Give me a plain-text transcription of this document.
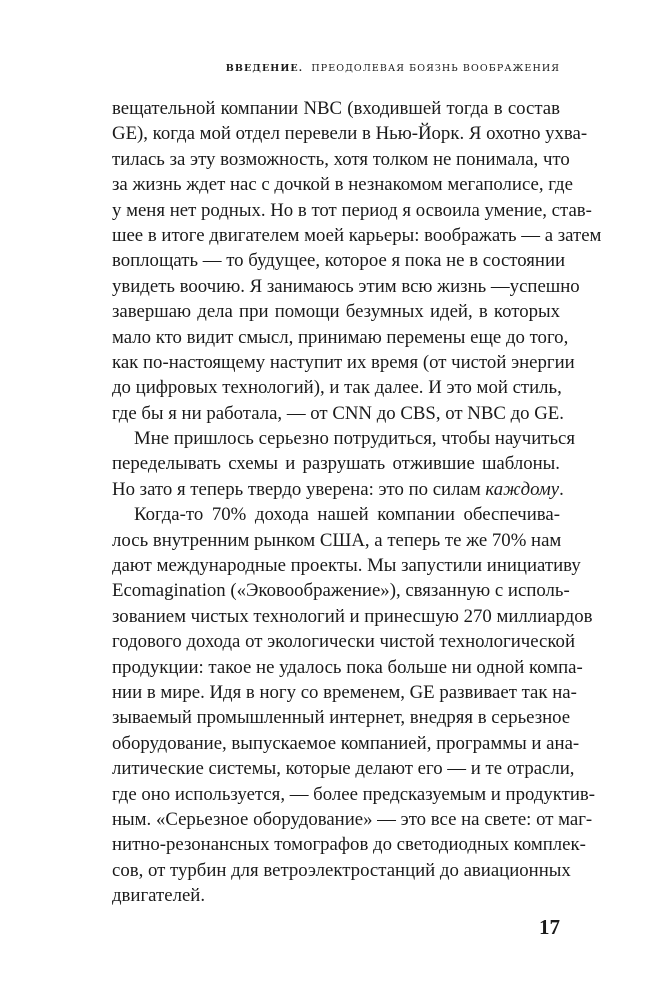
ВВЕДЕНИЕ. ПРЕОДОЛЕВАЯ БОЯЗНЬ ВООБРАЖЕНИЯ
вещательной компании NBC (входившей тогда в состав
GE), когда мой отдел перевели в Нью-Йорк. Я охотно ухва-
тилась за эту возможность, хотя толком не понимала, что
за жизнь ждет нас с дочкой в незнакомом мегаполисе, где
у меня нет родных. Но в тот период я освоила умение, став-
шее в итоге двигателем моей карьеры: воображать — а затем
воплощать — то будущее, которое я пока не в состоянии
увидеть воочию. Я занимаюсь этим всю жизнь —успешно
завершаю дела при помощи безумных идей, в которых
мало кто видит смысл, принимаю перемены еще до того,
как по-настоящему наступит их время (от чистой энергии
до цифровых технологий), и так далее. И это мой стиль,
где бы я ни работала, — от CNN до CBS, от NBC до GE.
Мне пришлось серьезно потрудиться, чтобы научиться
переделывать схемы и разрушать отжившие шаблоны.
Но зато я теперь твердо уверена: это по силам каждому.
Когда-то 70% дохода нашей компании обеспечива-
лось внутренним рынком США, а теперь те же 70% нам
дают международные проекты. Мы запустили инициативу
Ecomagination («Эковоображение»), связанную с исполь-
зованием чистых технологий и принесшую 270 миллиардов
годового дохода от экологически чистой технологической
продукции: такое не удалось пока больше ни одной компа-
нии в мире. Идя в ногу со временем, GE развивает так на-
зываемый промышленный интернет, внедряя в серьезное
оборудование, выпускаемое компанией, программы и ана-
литические системы, которые делают его — и те отрасли,
где оно используется, — более предсказуемым и продуктив-
ным. «Серьезное оборудование» — это все на свете: от маг-
нитно-резонансных томографов до светодиодных комплек-
сов, от турбин для ветроэлектростанций до авиационных
двигателей.
17
